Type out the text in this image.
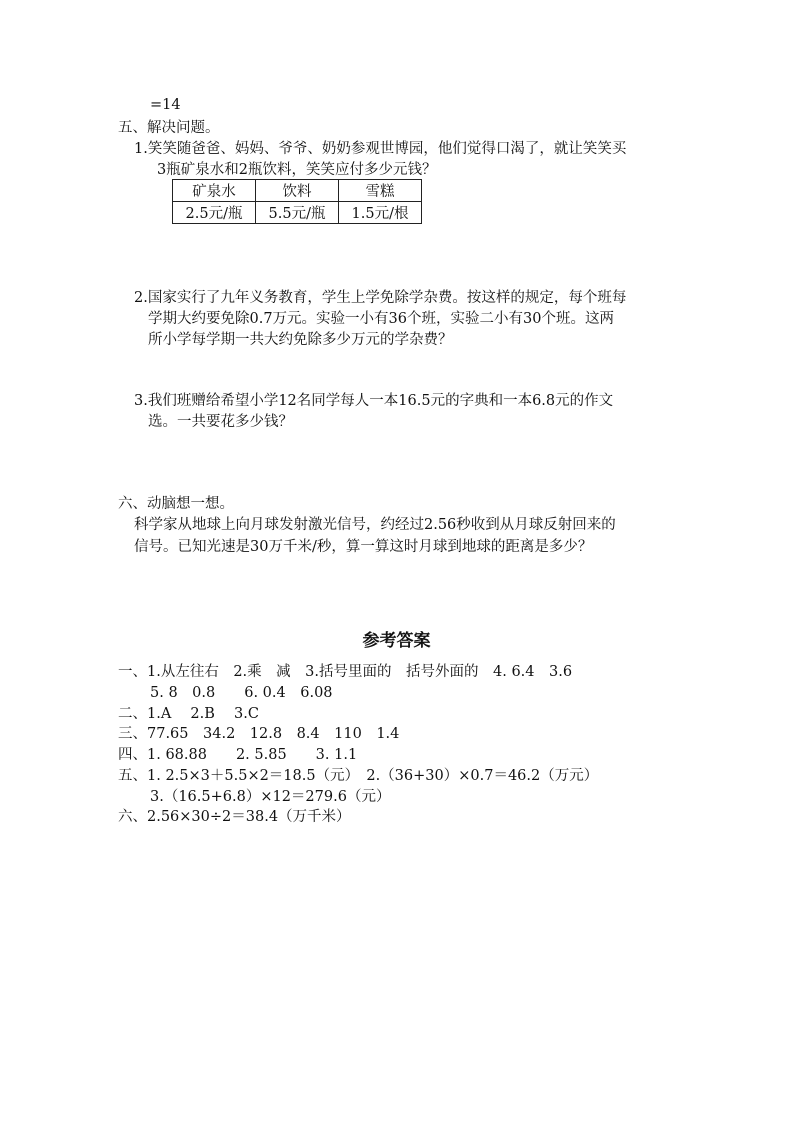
=14
五、解决问题。
1.笑笑随爸爸、妈妈、爷爷、奶奶参观世博园，他们觉得口渴了，就让笑笑买
3瓶矿泉水和2瓶饮料，笑笑应付多少元钱？
矿泉水	饮料	雪糕
2.5元/瓶	5.5元/瓶	1.5元/根
2.国家实行了九年义务教育，学生上学免除学杂费。按这样的规定，每个班每
学期大约要免除0.7万元。实验一小有36个班，实验二小有30个班。这两
所小学每学期一共大约免除多少万元的学杂费？
3.我们班赠给希望小学12名同学每人一本16.5元的字典和一本6.8元的作文
选。一共要花多少钱？
六、动脑想一想。
科学家从地球上向月球发射激光信号，约经过2.56秒收到从月球反射回来的
信号。已知光速是30万千米/秒，算一算这时月球到地球的距离是多少？
参考答案
一、1.从左往右　2.乘　减　3.括号里面的　括号外面的　4. 6.4　3.6
5. 8　0.8　　6. 0.4　6.08
二、1.A　 2.B　 3.C
三、77.65　34.2　12.8　8.4　110　1.4
四、1. 68.88　　2. 5.85　　3. 1.1
五、1. 2.5×3＋5.5×2＝18.5（元）　2.（36+30）×0.7＝46.2（万元）
3.（16.5+6.8）×12＝279.6（元）
六、2.56×30÷2＝38.4（万千米）
